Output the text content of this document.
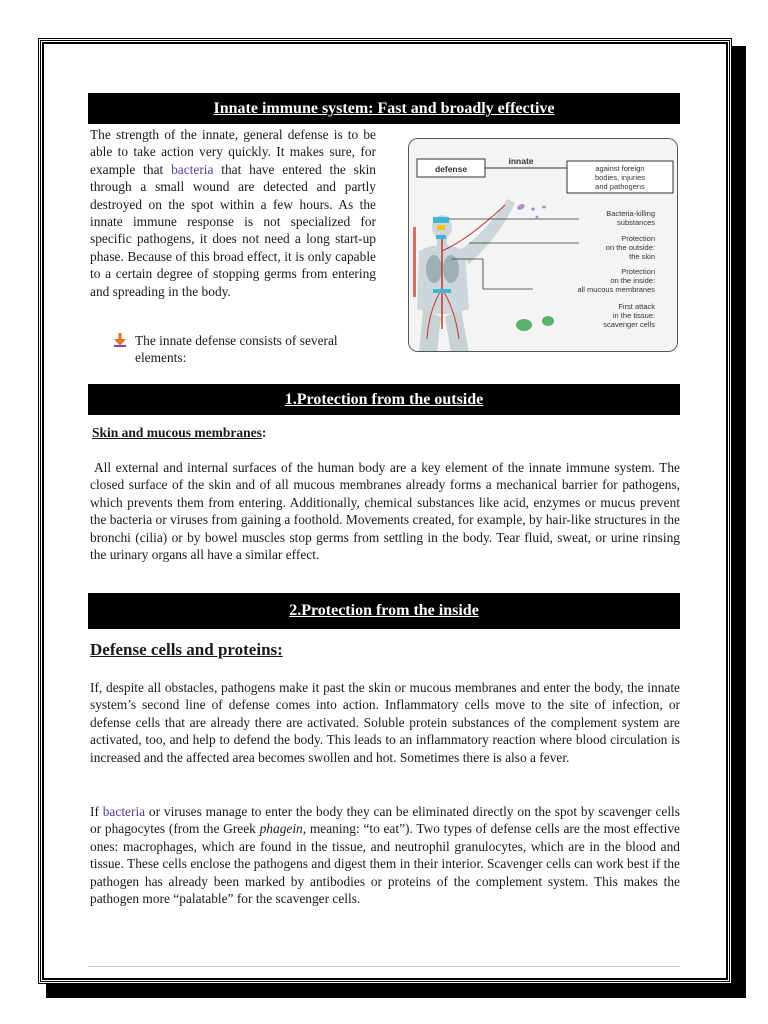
Innate immune system: Fast and broadly effective

The strength of the innate, general defense is to be able to take action very quickly. It makes sure, for example that bacteria that have entered the skin through a small wound are detected and partly destroyed on the spot within a few hours. As the innate immune response is not specialized for specific pathogens, it does not need a long start-up phase. Because of this broad effect, it is only capable to a certain degree of stopping germs from entering and spreading in the body.

The innate defense consists of several elements:
defense
innate
against foreign
bodies, injuries
and pathogens
Bacteria-killing
substances
Protection
on the outside:
the skin
Protection
on the inside:
all mucous membranes
First attack
in the tissue:
scavenger cells
1.Protection from the outside
Skin and mucous membranes:

All external and internal surfaces of the human body are a key element of the innate immune system. The closed surface of the skin and of all mucous membranes already forms a mechanical barrier for pathogens, which prevents them from entering. Additionally, chemical substances like acid, enzymes or mucus prevent the bacteria or viruses from gaining a foothold. Movements created, for example, by hair-like structures in the bronchi (cilia) or by bowel muscles stop germs from settling in the body. Tear fluid, sweat, or urine rinsing the urinary organs all have a similar effect.

2.Protection from the inside
Defense cells and proteins:

If, despite all obstacles, pathogens make it past the skin or mucous membranes and enter the body, the innate system’s second line of defense comes into action. Inflammatory cells move to the site of infection, or defense cells that are already there are activated. Soluble protein substances of the complement system are activated, too, and help to defend the body. This leads to an inflammatory reaction where blood circulation is increased and the affected area becomes swollen and hot. Sometimes there is also a fever.

If bacteria or viruses manage to enter the body they can be eliminated directly on the spot by scavenger cells or phagocytes (from the Greek phagein, meaning: “to eat”). Two types of defense cells are the most effective ones: macrophages, which are found in the tissue, and neutrophil granulocytes, which are in the blood and tissue. These cells enclose the pathogens and digest them in their interior. Scavenger cells can work best if the pathogen has already been marked by antibodies or proteins of the complement system. This makes the pathogen more “palatable” for the scavenger cells.
